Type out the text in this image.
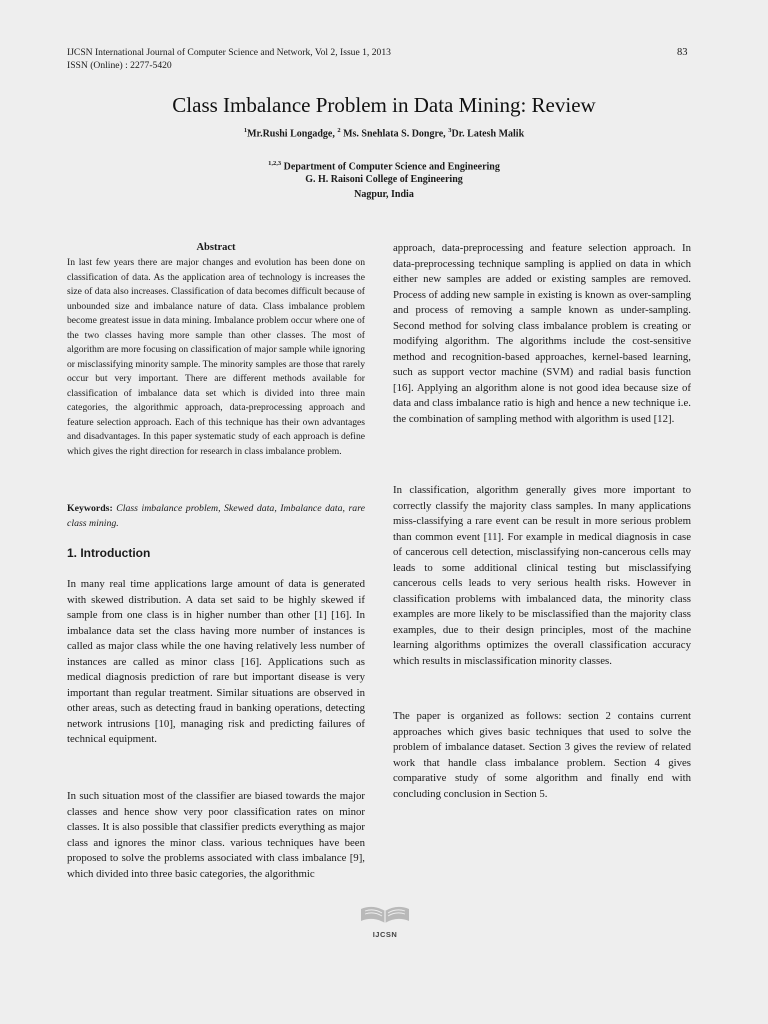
IJCSN International Journal of Computer Science and Network, Vol 2, Issue 1, 2013
ISSN (Online) : 2277-5420
83
Class Imbalance Problem in Data Mining: Review
$^1$Mr.Rushi Longadge, $^2$ Ms. Snehlata S. Dongre, $^3$Dr. Latesh Malik
$^{1,2,3}$ Department of Computer Science and Engineering
G. H. Raisoni College of Engineering
Nagpur, India
Abstract
In last few years there are major changes and evolution has been done on classification of data. As the application area of technology is increases the size of data also increases. Classification of data becomes difficult because of unbounded size and imbalance nature of data. Class imbalance problem become greatest issue in data mining. Imbalance problem occur where one of the two classes having more sample than other classes. The most of algorithm are more focusing on classification of major sample while ignoring or misclassifying minority sample. The minority samples are those that rarely occur but very important. There are different methods available for classification of imbalance data set which is divided into three main categories, the algorithmic approach, data-preprocessing approach and feature selection approach. Each of this technique has their own advantages and disadvantages. In this paper systematic study of each approach is define which gives the right direction for research in class imbalance problem.
Keywords: Class imbalance problem, Skewed data, Imbalance data, rare class mining.
1. Introduction
In many real time applications large amount of data is generated with skewed distribution. A data set said to be highly skewed if sample from one class is in higher number than other [1] [16]. In imbalance data set the class having more number of instances is called as major class while the one having relatively less number of instances are called as minor class [16]. Applications such as medical diagnosis prediction of rare but important disease is very important than regular treatment. Similar situations are observed in other areas, such as detecting fraud in banking operations, detecting network intrusions [10], managing risk and predicting failures of technical equipment.
In such situation most of the classifier are biased towards the major classes and hence show very poor classification rates on minor classes. It is also possible that classifier predicts everything as major class and ignores the minor class. various techniques have been proposed to solve the problems associated with class imbalance [9], which divided into three basic categories, the algorithmic
approach, data-preprocessing and feature selection approach. In data-preprocessing technique sampling is applied on data in which either new samples are added or existing samples are removed. Process of adding new sample in existing is known as over-sampling and process of removing a sample known as under-sampling. Second method for solving class imbalance problem is creating or modifying algorithm. The algorithms include the cost-sensitive method and recognition-based approaches, kernel-based learning, such as support vector machine (SVM) and radial basis function [16]. Applying an algorithm alone is not good idea because size of data and class imbalance ratio is high and hence a new technique i.e. the combination of sampling method with algorithm is used [12].
In classification, algorithm generally gives more important to correctly classify the majority class samples. In many applications miss-classifying a rare event can be result in more serious problem than common event [11]. For example in medical diagnosis in case of cancerous cell detection, misclassifying non-cancerous cells may leads to some additional clinical testing but misclassifying cancerous cells leads to very serious health risks. However in classification problems with imbalanced data, the minority class examples are more likely to be misclassified than the majority class examples, due to their design principles, most of the machine learning algorithms optimizes the overall classification accuracy which results in misclassification minority classes.
The paper is organized as follows: section 2 contains current approaches which gives basic techniques that used to solve the problem of imbalance dataset. Section 3 gives the review of related work that handle class imbalance problem. Section 4 gives comparative study of some algorithm and finally end with concluding conclusion in Section 5.
IJCSN
